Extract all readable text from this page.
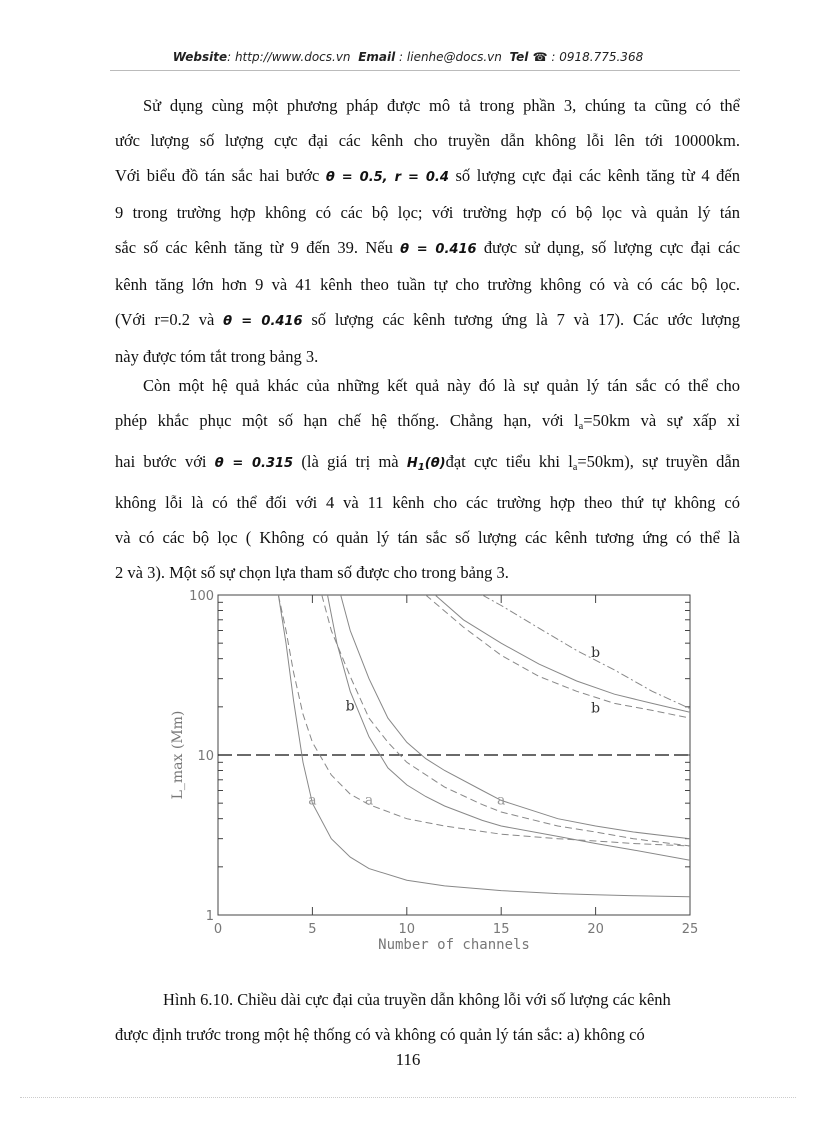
Website: http://www.docs.vn Email : lienhe@docs.vn Tel ☎ : 0918.775.368
Sử dụng cùng một phương pháp được mô tả trong phần 3, chúng ta cũng có thể
ước lượng số lượng cực đại các kênh cho truyền dẫn không lỗi lên tới 10000km.
Với biểu đồ tán sắc hai bước θ = 0.5, r = 0.4 số lượng cực đại các kênh tăng từ 4 đến
9 trong trường hợp không có các bộ lọc; với trường hợp có bộ lọc và quản lý tán
sắc số các kênh tăng từ 9 đến 39. Nếu θ = 0.416 được sử dụng, số lượng cực đại các
kênh tăng lớn hơn 9 và 41 kênh theo tuần tự cho trường không có và có các bộ lọc.
(Với r=0.2 và θ = 0.416 số lượng các kênh tương ứng là 7 và 17). Các ước lượng
này được tóm tắt trong bảng 3.
Còn một hệ quả khác của những kết quả này đó là sự quản lý tán sắc có thể cho
phép khắc phục một số hạn chế hệ thống. Chẳng hạn, với $l_a=50km$ và sự xấp xỉ
hai bước với θ = 0.315 (là giá trị mà $H_1(\theta)đạt$ cực tiểu khi $l_a=50km$), sự truyền dẫn
không lỗi là có thể đối với 4 và 11 kênh cho các trường hợp theo thứ tự không có
và có các bộ lọc ( Không có quản lý tán sắc số lượng các kênh tương ứng có thể là
2 và 3). Một số sự chọn lựa tham số được cho trong bảng 3.
0	5	10	15	20	25
1
10
100
Number of channels
L_max (Mm)
a	a	a
b
b
b
Hình 6.10. Chiều dài cực đại của truyền dẫn không lỗi với số lượng các kênh
được định trước trong một hệ thống có và không có quản lý tán sắc: a) không có
116
